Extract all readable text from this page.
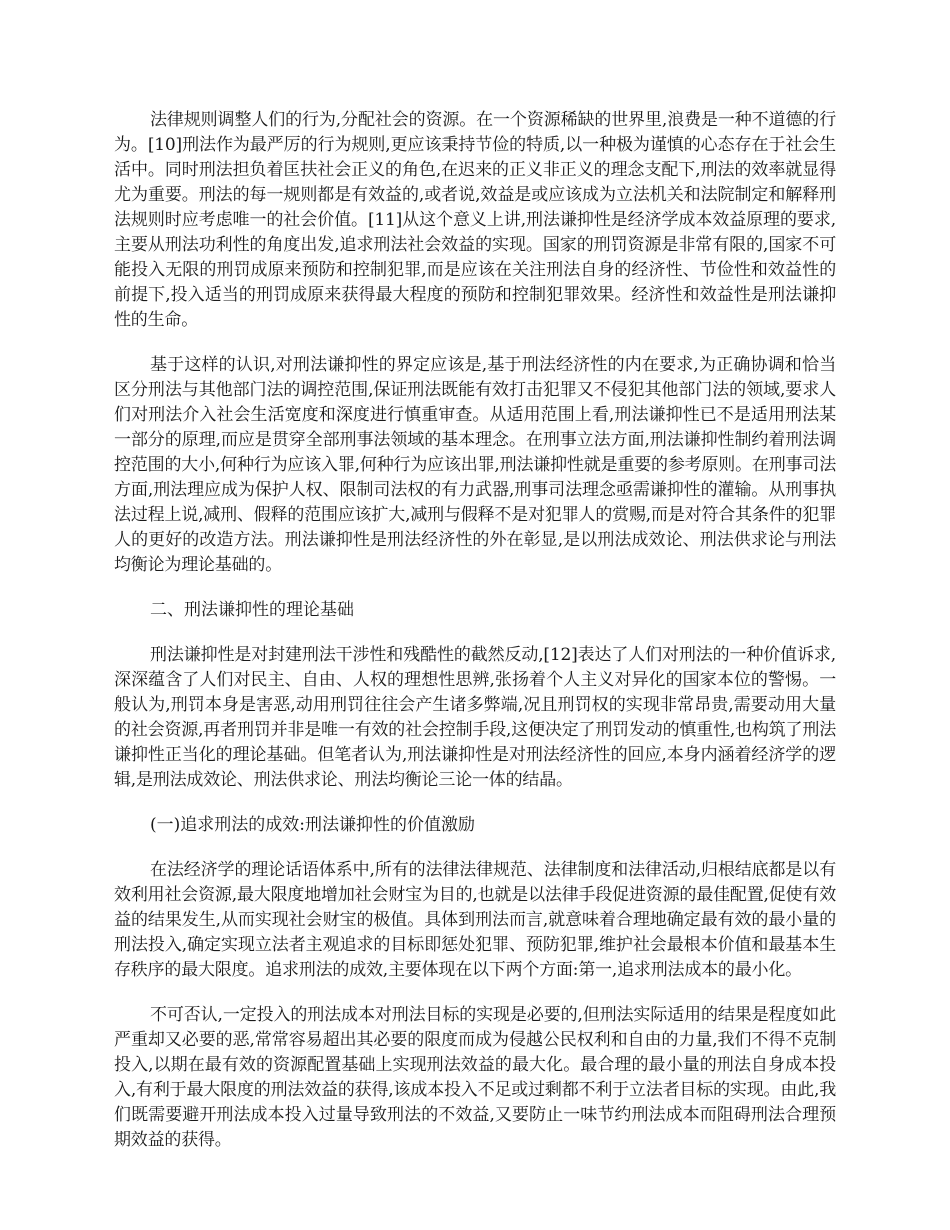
法律规则调整人们的行为,分配社会的资源。在一个资源稀缺的世界里,浪费是一种不道德的行为。[10]刑法作为最严厉的行为规则,更应该秉持节俭的特质,以一种极为谨慎的心态存在于社会生活中。同时刑法担负着匡扶社会正义的角色,在迟来的正义非正义的理念支配下,刑法的效率就显得尤为重要。刑法的每一规则都是有效益的,或者说,效益是或应该成为立法机关和法院制定和解释刑法规则时应考虑唯一的社会价值。[11]从这个意义上讲,刑法谦抑性是经济学成本效益原理的要求,主要从刑法功利性的角度出发,追求刑法社会效益的实现。国家的刑罚资源是非常有限的,国家不可能投入无限的刑罚成原来预防和控制犯罪,而是应该在关注刑法自身的经济性、节俭性和效益性的前提下,投入适当的刑罚成原来获得最大程度的预防和控制犯罪效果。经济性和效益性是刑法谦抑性的生命。

基于这样的认识,对刑法谦抑性的界定应该是,基于刑法经济性的内在要求,为正确协调和恰当区分刑法与其他部门法的调控范围,保证刑法既能有效打击犯罪又不侵犯其他部门法的领域,要求人们对刑法介入社会生活宽度和深度进行慎重审查。从适用范围上看,刑法谦抑性已不是适用刑法某一部分的原理,而应是贯穿全部刑事法领域的基本理念。在刑事立法方面,刑法谦抑性制约着刑法调控范围的大小,何种行为应该入罪,何种行为应该出罪,刑法谦抑性就是重要的参考原则。在刑事司法方面,刑法理应成为保护人权、限制司法权的有力武器,刑事司法理念亟需谦抑性的灌输。从刑事执法过程上说,减刑、假释的范围应该扩大,减刑与假释不是对犯罪人的赏赐,而是对符合其条件的犯罪人的更好的改造方法。刑法谦抑性是刑法经济性的外在彰显,是以刑法成效论、刑法供求论与刑法均衡论为理论基础的。

二、刑法谦抑性的理论基础

刑法谦抑性是对封建刑法干涉性和残酷性的截然反动,[12]表达了人们对刑法的一种价值诉求,深深蕴含了人们对民主、自由、人权的理想性思辨,张扬着个人主义对异化的国家本位的警惕。一般认为,刑罚本身是害恶,动用刑罚往往会产生诸多弊端,况且刑罚权的实现非常昂贵,需要动用大量的社会资源,再者刑罚并非是唯一有效的社会控制手段,这便决定了刑罚发动的慎重性,也构筑了刑法谦抑性正当化的理论基础。但笔者认为,刑法谦抑性是对刑法经济性的回应,本身内涵着经济学的逻辑,是刑法成效论、刑法供求论、刑法均衡论三论一体的结晶。

(一)追求刑法的成效:刑法谦抑性的价值激励

在法经济学的理论话语体系中,所有的法律法律规范、法律制度和法律活动,归根结底都是以有效利用社会资源,最大限度地增加社会财宝为目的,也就是以法律手段促进资源的最佳配置,促使有效益的结果发生,从而实现社会财宝的极值。具体到刑法而言,就意味着合理地确定最有效的最小量的刑法投入,确定实现立法者主观追求的目标即惩处犯罪、预防犯罪,维护社会最根本价值和最基本生存秩序的最大限度。追求刑法的成效,主要体现在以下两个方面:第一,追求刑法成本的最小化。

不可否认,一定投入的刑法成本对刑法目标的实现是必要的,但刑法实际适用的结果是程度如此严重却又必要的恶,常常容易超出其必要的限度而成为侵越公民权利和自由的力量,我们不得不克制投入,以期在最有效的资源配置基础上实现刑法效益的最大化。最合理的最小量的刑法自身成本投入,有利于最大限度的刑法效益的获得,该成本投入不足或过剩都不利于立法者目标的实现。由此,我们既需要避开刑法成本投入过量导致刑法的不效益,又要防止一味节约刑法成本而阻碍刑法合理预期效益的获得。
